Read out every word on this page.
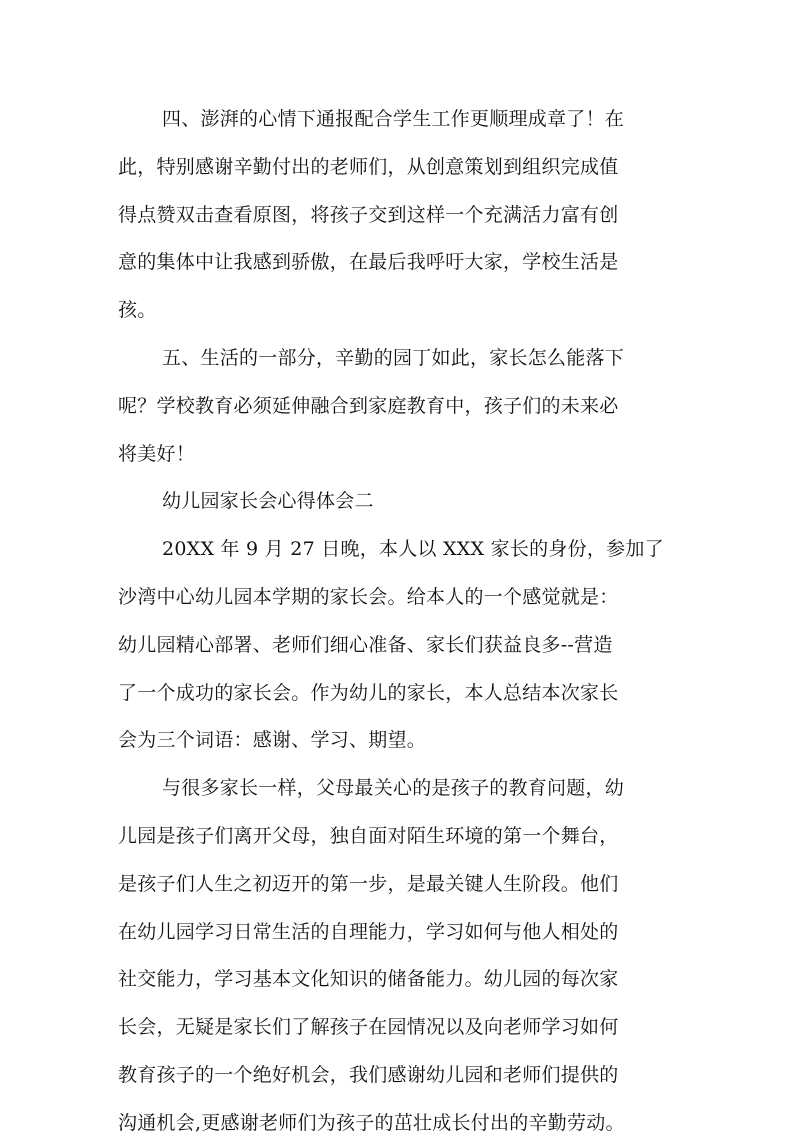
四、澎湃的心情下通报配合学生工作更顺理成章了！在
此，特别感谢辛勤付出的老师们，从创意策划到组织完成值
得点赞双击查看原图，将孩子交到这样一个充满活力富有创
意的集体中让我感到骄傲，在最后我呼吁大家，学校生活是
孩。
五、生活的一部分，辛勤的园丁如此，家长怎么能落下
呢？学校教育必须延伸融合到家庭教育中，孩子们的未来必
将美好！
幼儿园家长会心得体会二
20XX 年 9 月 27 日晚，本人以 XXX 家长的身份，参加了
沙湾中心幼儿园本学期的家长会。给本人的一个感觉就是：
幼儿园精心部署、老师们细心准备、家长们获益良多--营造
了一个成功的家长会。作为幼儿的家长，本人总结本次家长
会为三个词语：感谢、学习、期望。
与很多家长一样，父母最关心的是孩子的教育问题，幼
儿园是孩子们离开父母，独自面对陌生环境的第一个舞台，
是孩子们人生之初迈开的第一步，是最关键人生阶段。他们
在幼儿园学习日常生活的自理能力，学习如何与他人相处的
社交能力，学习基本文化知识的储备能力。幼儿园的每次家
长会，无疑是家长们了解孩子在园情况以及向老师学习如何
教育孩子的一个绝好机会，我们感谢幼儿园和老师们提供的
沟通机会,更感谢老师们为孩子的茁壮成长付出的辛勤劳动。
